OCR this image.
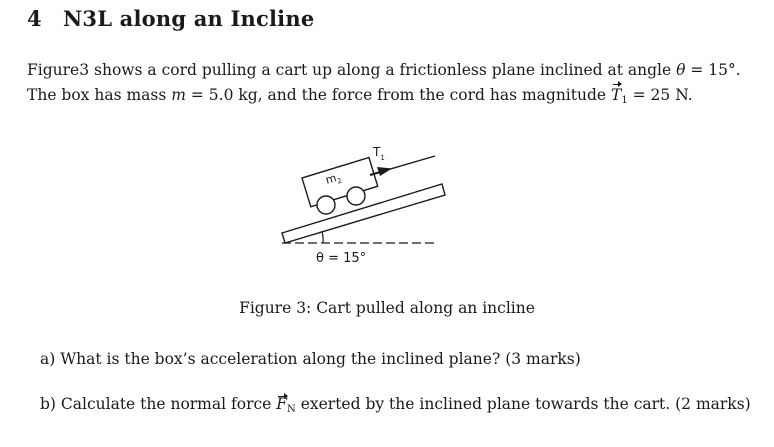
4 N3L along an Incline

Figure3 shows a cord pulling a cart up along a frictionless plane inclined at angle θ = 15°. The box has mass m = 5.0 kg, and the force from the cord has magnitude $T_1 = 25$ N.

$m_2$
$T_1$
θ = 15°

Figure 3: Cart pulled along an incline

a) What is the box’s acceleration along the inclined plane? (3 marks)

b) Calculate the normal force $F_N$ exerted by the inclined plane towards the cart. (2 marks)
